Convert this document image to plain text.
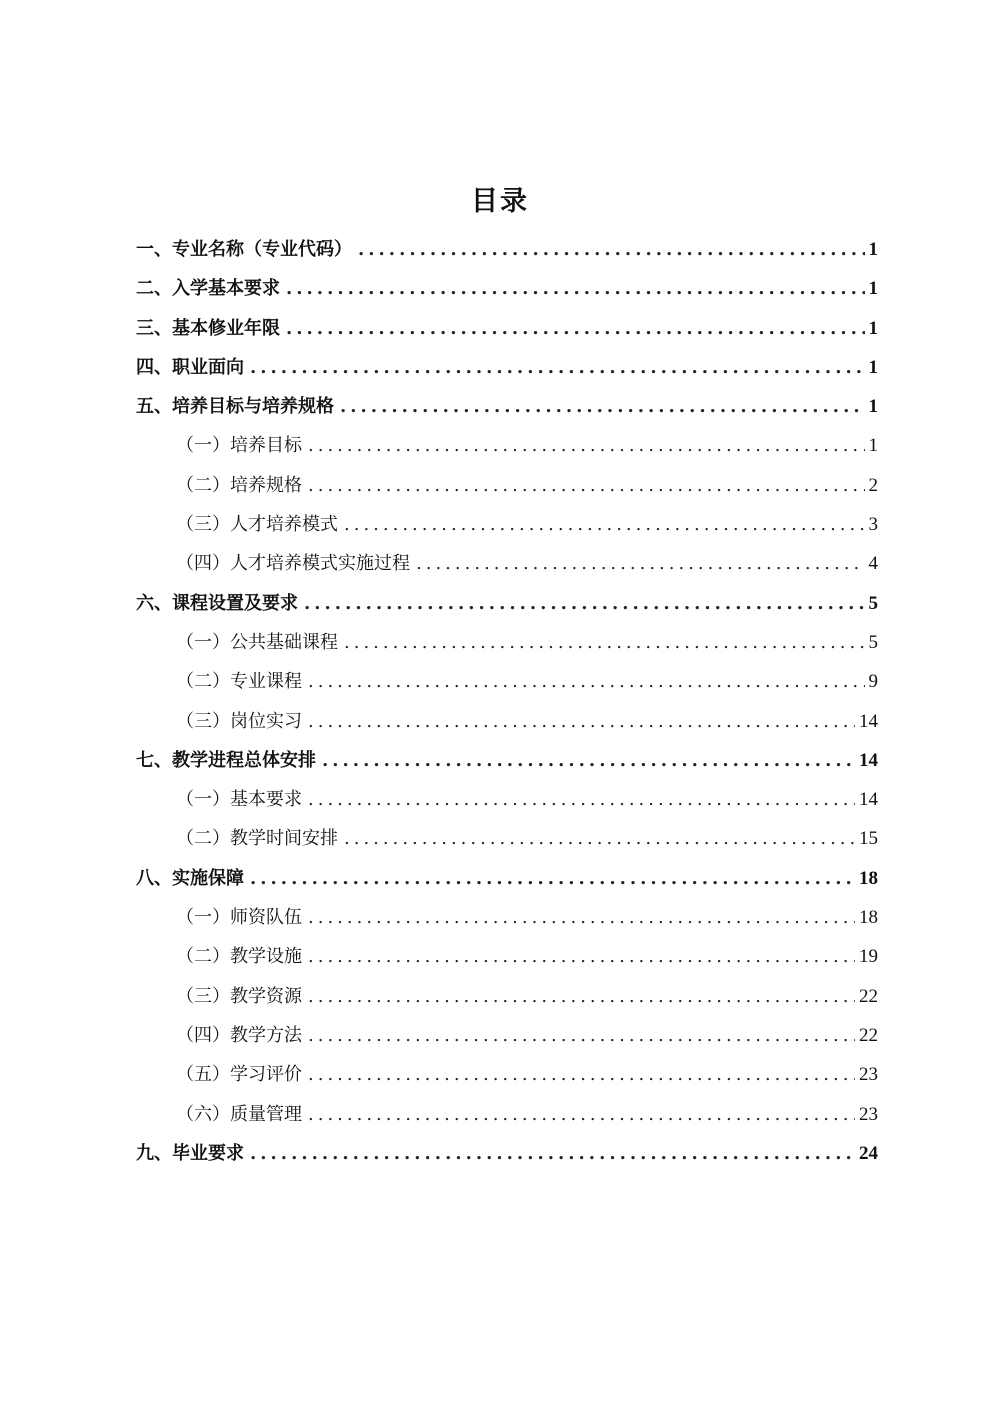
目录
一、专业名称（专业代码） .....	1
二、入学基本要求 .....	1
三、基本修业年限 .....	1
四、职业面向 .....	1
五、培养目标与培养规格 .....	1
（一）培养目标 .....	1
（二）培养规格 .....	2
（三）人才培养模式 .....	3
（四）人才培养模式实施过程 .....	4
六、课程设置及要求 .....	5
（一）公共基础课程 .....	5
（二）专业课程 .....	9
（三）岗位实习 .....	14
七、教学进程总体安排 .....	14
（一）基本要求 .....	14
（二）教学时间安排 .....	15
八、实施保障 .....	18
（一）师资队伍 .....	18
（二）教学设施 .....	19
（三）教学资源 .....	22
（四）教学方法 .....	22
（五）学习评价 .....	23
（六）质量管理 .....	23
九、毕业要求 .....	24
